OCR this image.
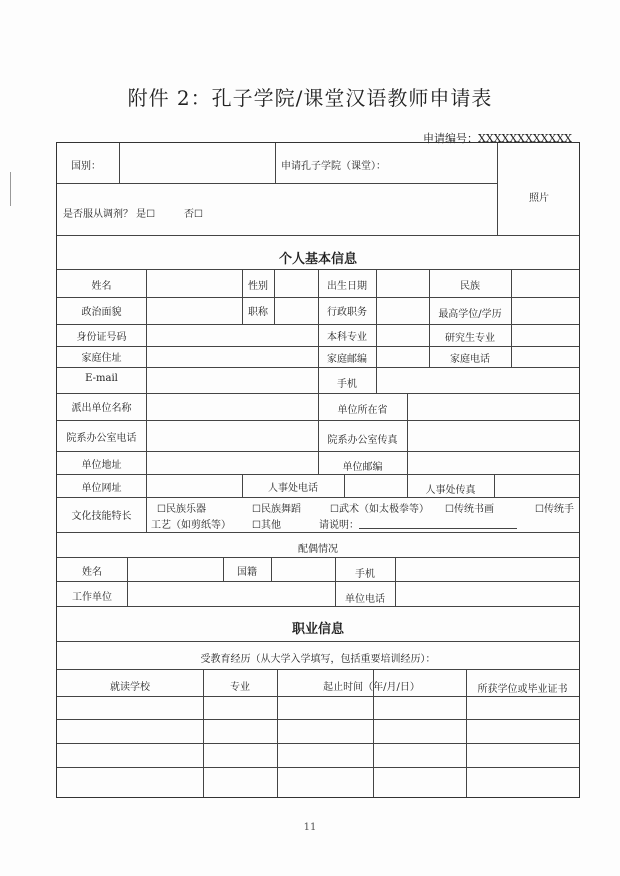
附件 2：孔子学院/课堂汉语教师申请表
申请编号：XXXXXXXXXXXX
国别：	申请孔子学院（课堂）：
照片
是否服从调剂？ 是☐	否☐
个人基本信息
姓名	性别	出生日期	民族
政治面貌	职称	行政职务	最高学位/学历
身份证号码	本科专业	研究生专业
家庭住址	家庭邮编	家庭电话
E-mail
手机
派出单位名称	单位所在省
院系办公室电话	院系办公室传真
单位地址	单位邮编
单位网址	人事处电话	人事处传真
文化技能特长
☐民族乐器	☐民族舞蹈	☐武术（如太极拳等） ☐传统书画	☐传统手
工艺（如剪纸等） ☐其他	请说明：
配偶情况
姓名	国籍	手机
工作单位	单位电话
职业信息
受教育经历（从大学入学填写，包括重要培训经历）：
就读学校	专业	起止时间（年/月/日）	所获学位或毕业证书
11
